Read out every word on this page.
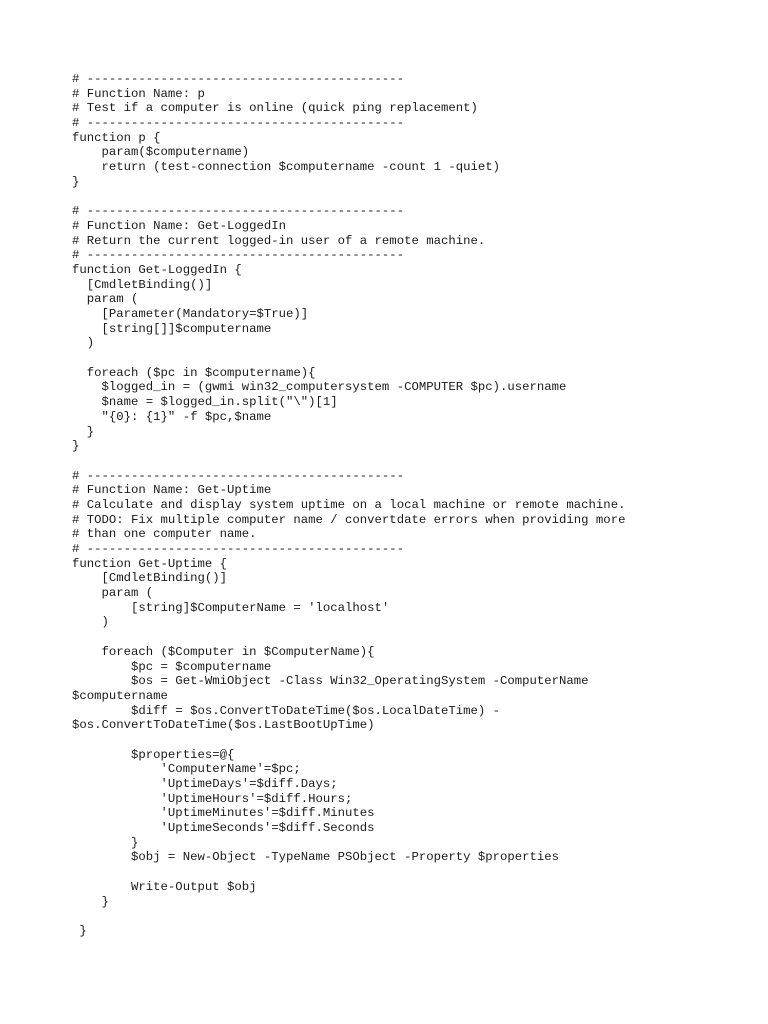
# -------------------------------------------
# Function Name: p
# Test if a computer is online (quick ping replacement)
# -------------------------------------------
function p {
param($computername)
return (test-connection $computername -count 1 -quiet)
}
# -------------------------------------------
# Function Name: Get-LoggedIn
# Return the current logged-in user of a remote machine.
# -------------------------------------------
function Get-LoggedIn {
[CmdletBinding()]
param (
[Parameter(Mandatory=$True)]
[string[]]$computername
)
foreach ($pc in $computername){
$logged_in = (gwmi win32_computersystem -COMPUTER $pc).username
$name = $logged_in.split("\")[1]
"{0}: {1}" -f $pc,$name
}
}
# -------------------------------------------
# Function Name: Get-Uptime
# Calculate and display system uptime on a local machine or remote machine.
# TODO: Fix multiple computer name / convertdate errors when providing more
# than one computer name.
# -------------------------------------------
function Get-Uptime {
[CmdletBinding()]
param (
[string]$ComputerName = 'localhost'
)
foreach ($Computer in $ComputerName){
$pc = $computername
$os = Get-WmiObject -Class Win32_OperatingSystem -ComputerName
$computername
$diff = $os.ConvertToDateTime($os.LocalDateTime) -
$os.ConvertToDateTime($os.LastBootUpTime)
$properties=@{
'ComputerName'=$pc;
'UptimeDays'=$diff.Days;
'UptimeHours'=$diff.Hours;
'UptimeMinutes'=$diff.Minutes
'UptimeSeconds'=$diff.Seconds
}
$obj = New-Object -TypeName PSObject -Property $properties
Write-Output $obj
}
}
